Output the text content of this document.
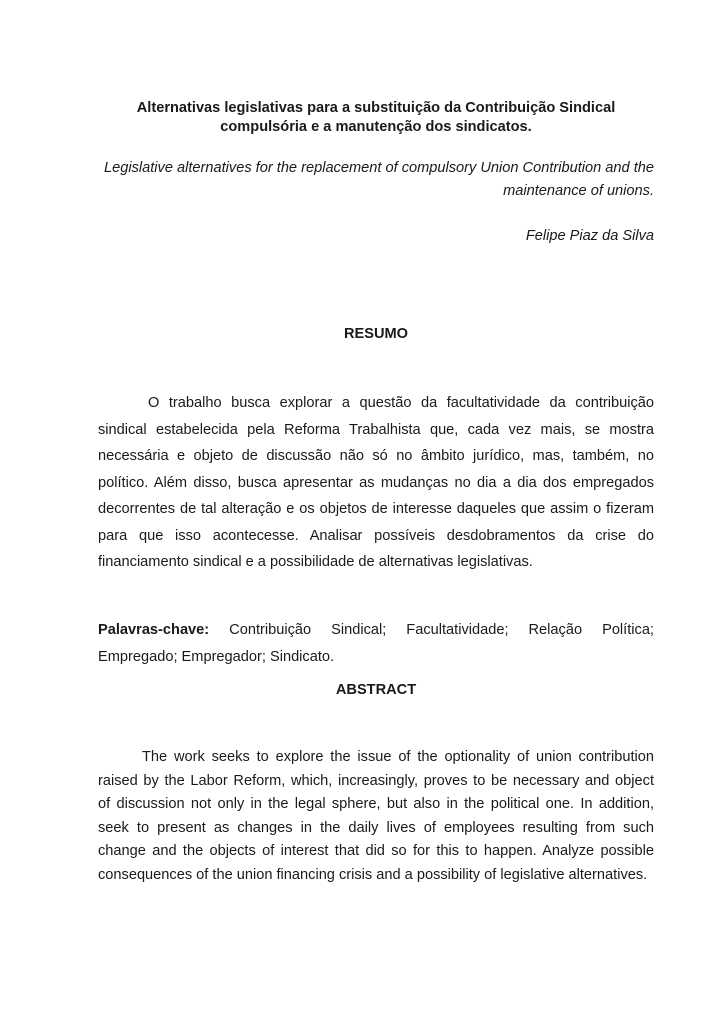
Alternativas legislativas para a substituição da Contribuição Sindical
compulsória e a manutenção dos sindicatos.
Legislative alternatives for the replacement of compulsory Union Contribution and the
maintenance of unions.
Felipe Piaz da Silva
RESUMO
O trabalho busca explorar a questão da facultatividade da contribuição
sindical estabelecida pela Reforma Trabalhista que, cada vez mais, se mostra
necessária e objeto de discussão não só no âmbito jurídico, mas, também, no
político. Além disso, busca apresentar as mudanças no dia a dia dos empregados
decorrentes de tal alteração e os objetos de interesse daqueles que assim o fizeram
para que isso acontecesse. Analisar possíveis desdobramentos da crise do
financiamento sindical e a possibilidade de alternativas legislativas.
Palavras-chave: Contribuição Sindical; Facultatividade; Relação Política;
Empregado; Empregador; Sindicato.
ABSTRACT
The work seeks to explore the issue of the optionality of union contribution
raised by the Labor Reform, which, increasingly, proves to be necessary and object
of discussion not only in the legal sphere, but also in the political one. In addition,
seek to present as changes in the daily lives of employees resulting from such
change and the objects of interest that did so for this to happen. Analyze possible
consequences of the union financing crisis and a possibility of legislative alternatives.
